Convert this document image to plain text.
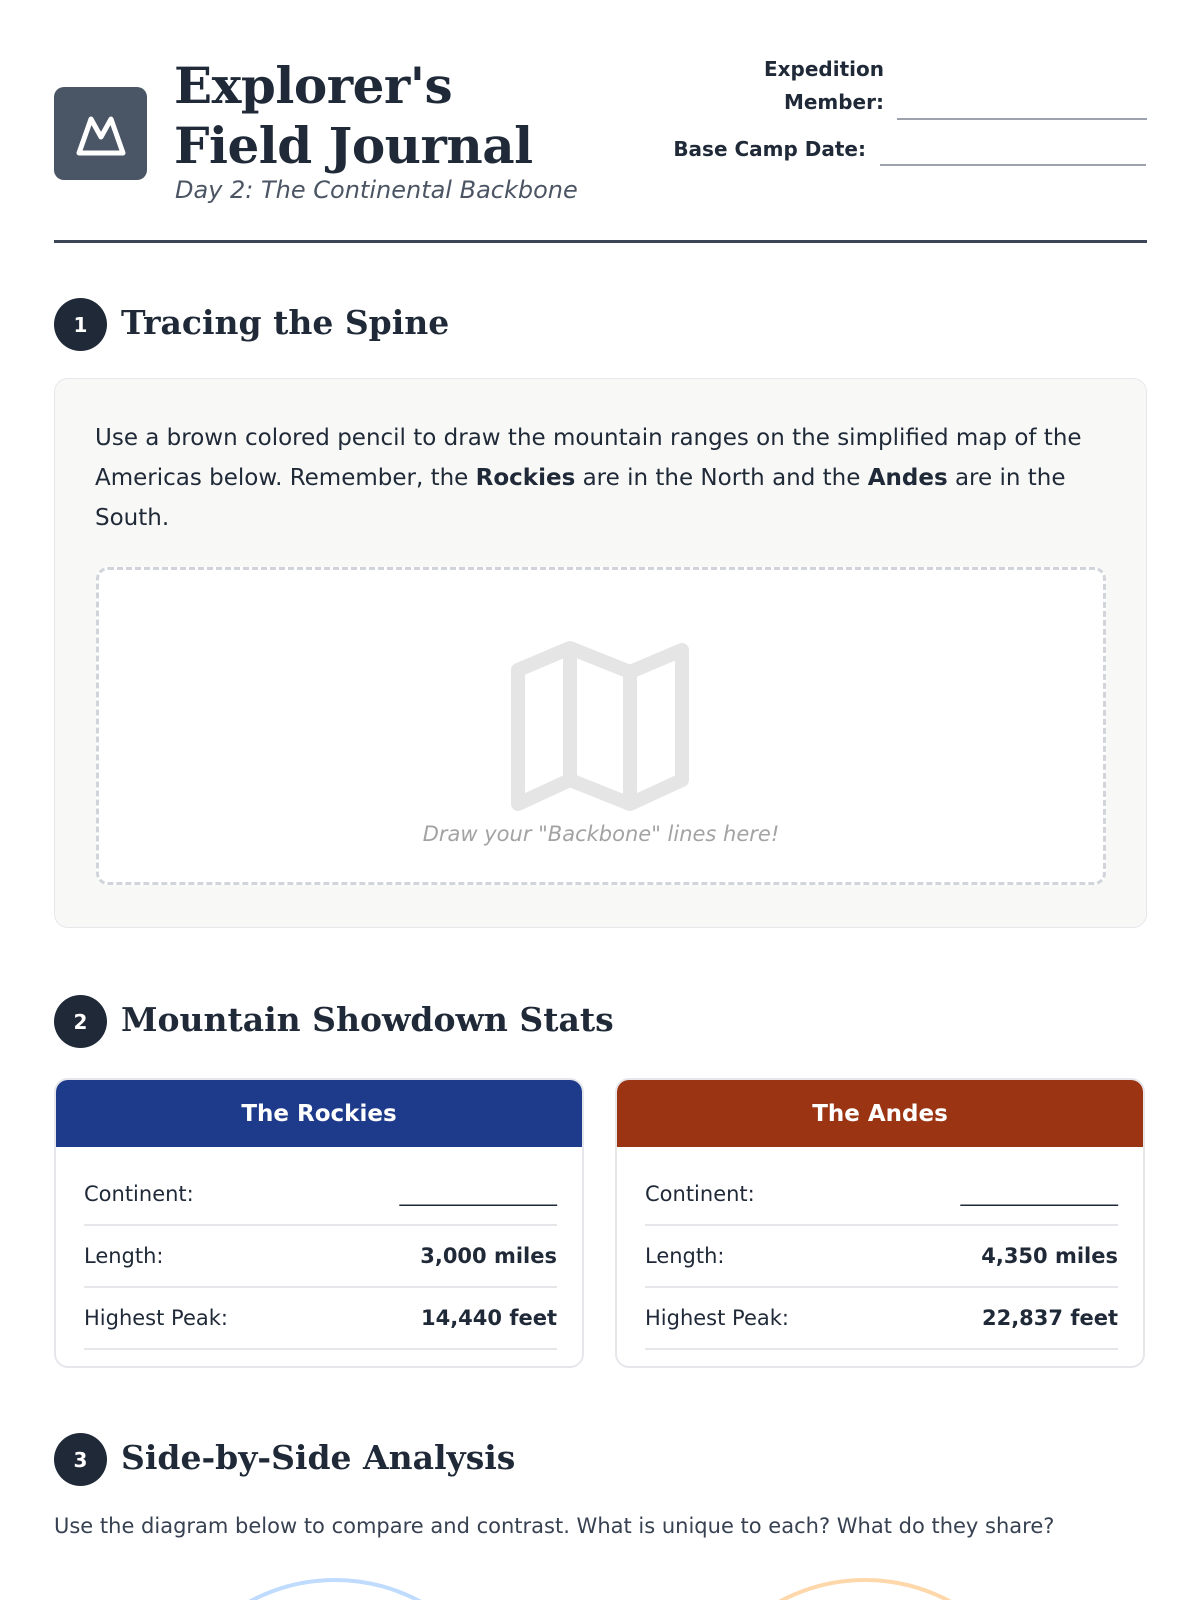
Explorer's Field Journal
Day 2: The Continental Backbone
Expedition Member:
Base Camp Date:
1	Tracing the Spine
Use a brown colored pencil to draw the mountain ranges on the simplified map of the Americas below. Remember, the Rockies are in the North and the Andes are in the South.
Draw your "Backbone" lines here!
2	Mountain Showdown Stats
The Rockies
Continent:	_______________
Length:	3,000 miles
Highest Peak:	14,440 feet
The Andes
Continent:	_______________
Length:	4,350 miles
Highest Peak:	22,837 feet
3	Side-by-Side Analysis
Use the diagram below to compare and contrast. What is unique to each? What do they share?
